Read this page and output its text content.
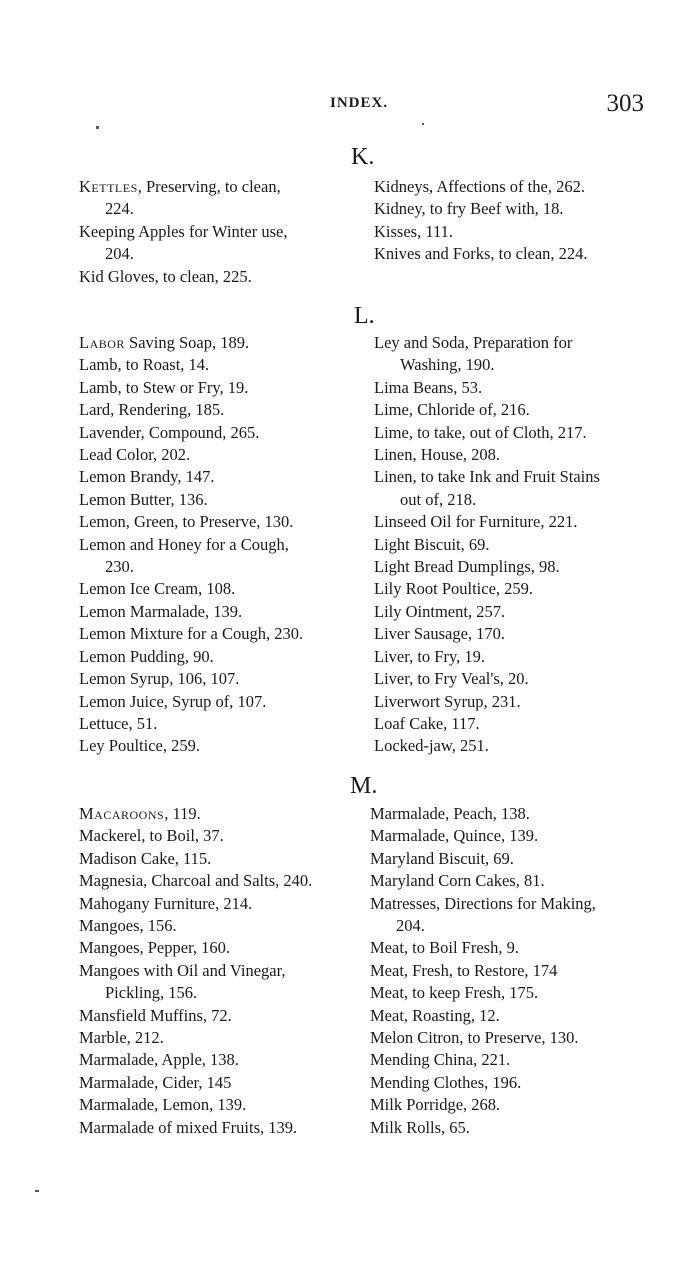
INDEX.	303
K.
Kettles, Preserving, to clean,
224.
Keeping Apples for Winter use,
204.
Kid Gloves, to clean, 225.
Kidneys, Affections of the, 262.
Kidney, to fry Beef with, 18.
Kisses, 111.
Knives and Forks, to clean, 224.
L.
Labor Saving Soap, 189.
Lamb, to Roast, 14.
Lamb, to Stew or Fry, 19.
Lard, Rendering, 185.
Lavender, Compound, 265.
Lead Color, 202.
Lemon Brandy, 147.
Lemon Butter, 136.
Lemon, Green, to Preserve, 130.
Lemon and Honey for a Cough,
230.
Lemon Ice Cream, 108.
Lemon Marmalade, 139.
Lemon Mixture for a Cough, 230.
Lemon Pudding, 90.
Lemon Syrup, 106, 107.
Lemon Juice, Syrup of, 107.
Lettuce, 51.
Ley Poultice, 259.
Ley and Soda, Preparation for
Washing, 190.
Lima Beans, 53.
Lime, Chloride of, 216.
Lime, to take, out of Cloth, 217.
Linen, House, 208.
Linen, to take Ink and Fruit Stains
out of, 218.
Linseed Oil for Furniture, 221.
Light Biscuit, 69.
Light Bread Dumplings, 98.
Lily Root Poultice, 259.
Lily Ointment, 257.
Liver Sausage, 170.
Liver, to Fry, 19.
Liver, to Fry Veal's, 20.
Liverwort Syrup, 231.
Loaf Cake, 117.
Locked-jaw, 251.
M.
Macaroons, 119.
Mackerel, to Boil, 37.
Madison Cake, 115.
Magnesia, Charcoal and Salts, 240.
Mahogany Furniture, 214.
Mangoes, 156.
Mangoes, Pepper, 160.
Mangoes with Oil and Vinegar,
Pickling, 156.
Mansfield Muffins, 72.
Marble, 212.
Marmalade, Apple, 138.
Marmalade, Cider, 145
Marmalade, Lemon, 139.
Marmalade of mixed Fruits, 139.
Marmalade, Peach, 138.
Marmalade, Quince, 139.
Maryland Biscuit, 69.
Maryland Corn Cakes, 81.
Matresses, Directions for Making,
204.
Meat, to Boil Fresh, 9.
Meat, Fresh, to Restore, 174
Meat, to keep Fresh, 175.
Meat, Roasting, 12.
Melon Citron, to Preserve, 130.
Mending China, 221.
Mending Clothes, 196.
Milk Porridge, 268.
Milk Rolls, 65.
